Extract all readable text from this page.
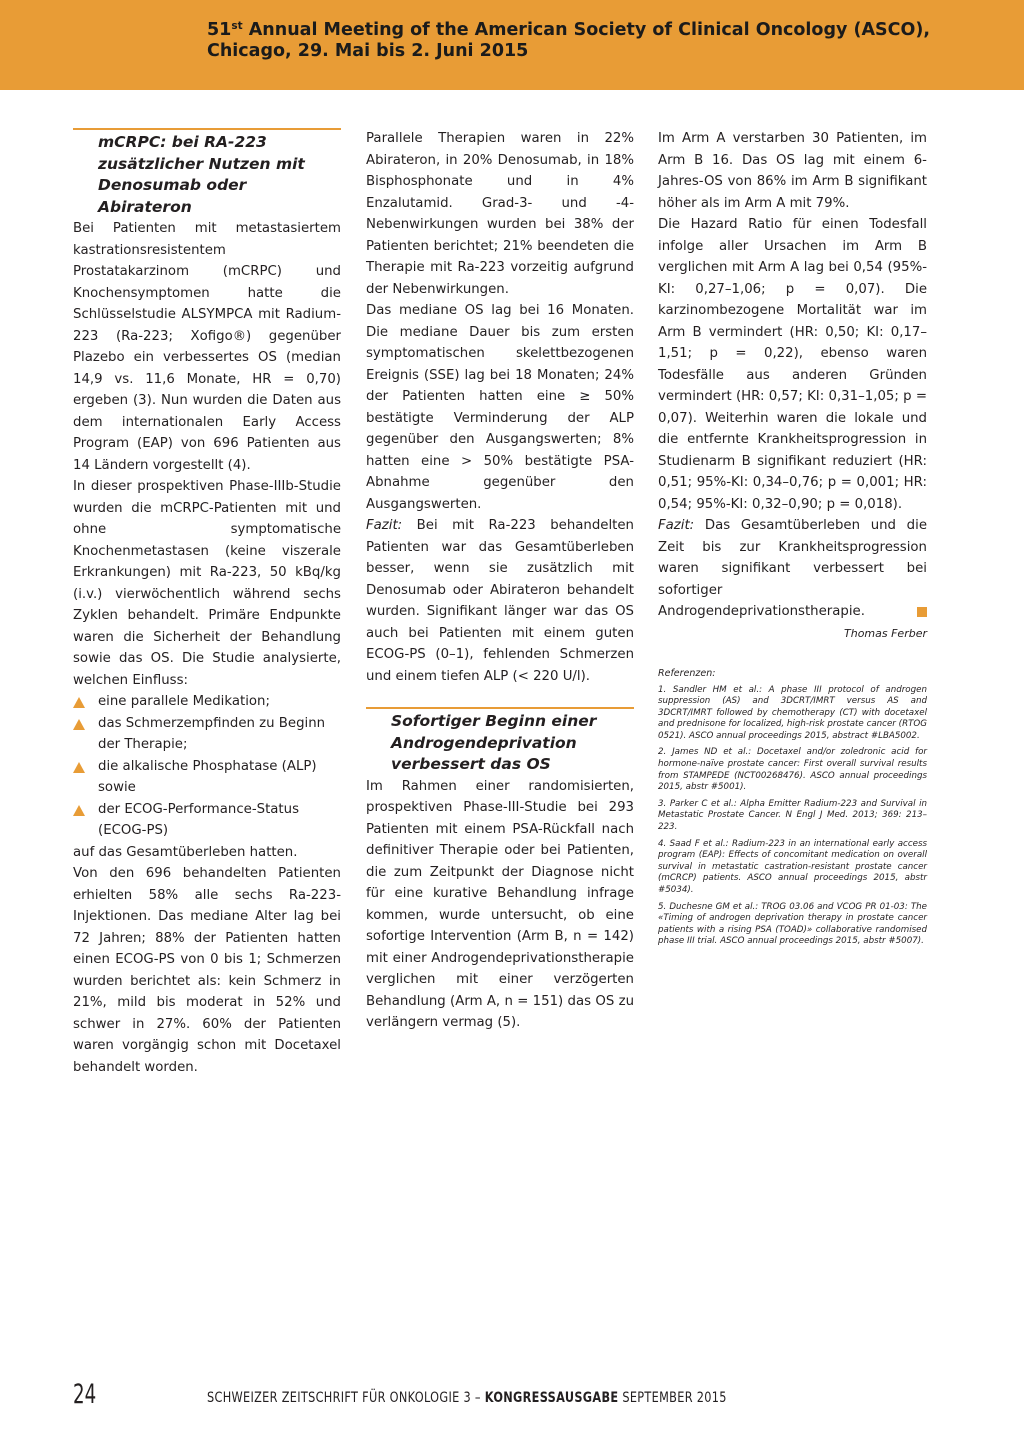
51st Annual Meeting of the American Society of Clinical Oncology (ASCO),
Chicago, 29. Mai bis 2. Juni 2015
mCRPC: bei RA-223 zusätzlicher Nutzen mit Denosumab oder Abirateron

Bei Patienten mit metastasiertem kastrationsresistentem Prostatakarzinom (mCRPC) und Knochensymptomen hatte die Schlüsselstudie ALSYMPCA mit Radium-223 (Ra-223; Xofigo®) gegenüber Plazebo ein verbessertes OS (median 14,9 vs. 11,6 Monate, HR = 0,70) ergeben (3). Nun wurden die Daten aus dem internationalen Early Access Program (EAP) von 696 Patienten aus 14 Ländern vorgestellt (4).

In dieser prospektiven Phase-IIIb-Studie wurden die mCRPC-Patienten mit und ohne symptomatische Knochenmetastasen (keine viszerale Erkrankungen) mit Ra-223, 50 kBq/kg (i.v.) vierwöchentlich während sechs Zyklen behandelt. Primäre Endpunkte waren die Sicherheit der Behandlung sowie das OS. Die Studie analysierte, welchen Einfluss:

eine parallele Medikation;
das Schmerzempfinden zu Beginn der Therapie;
die alkalische Phosphatase (ALP) sowie
der ECOG-Performance-Status (ECOG-PS)

auf das Gesamtüberleben hatten.

Von den 696 behandelten Patienten erhielten 58% alle sechs Ra-223-Injektionen. Das mediane Alter lag bei 72 Jahren; 88% der Patienten hatten einen ECOG-PS von 0 bis 1; Schmerzen wurden berichtet als: kein Schmerz in 21%, mild bis moderat in 52% und schwer in 27%. 60% der Patienten waren vorgängig schon mit Docetaxel behandelt worden.

Parallele Therapien waren in 22% Abirateron, in 20% Denosumab, in 18% Bisphosphonate und in 4% Enzalutamid. Grad-3- und -4-Nebenwirkungen wurden bei 38% der Patienten berichtet; 21% beendeten die Therapie mit Ra-223 vorzeitig aufgrund der Nebenwirkungen.

Das mediane OS lag bei 16 Monaten. Die mediane Dauer bis zum ersten symptomatischen skelettbezogenen Ereignis (SSE) lag bei 18 Monaten; 24% der Patienten hatten eine ≥ 50% bestätigte Verminderung der ALP gegenüber den Ausgangswerten; 8% hatten eine > 50% bestätigte PSA-Abnahme gegenüber den Ausgangswerten.

Fazit: Bei mit Ra-223 behandelten Patienten war das Gesamtüberleben besser, wenn sie zusätzlich mit Denosumab oder Abirateron behandelt wurden. Signifikant länger war das OS auch bei Patienten mit einem guten ECOG-PS (0–1), fehlenden Schmerzen und einem tiefen ALP (< 220 U/l).

Sofortiger Beginn einer Androgendeprivation verbessert das OS

Im Rahmen einer randomisierten, prospektiven Phase-III-Studie bei 293 Patienten mit einem PSA-Rückfall nach definitiver Therapie oder bei Patienten, die zum Zeitpunkt der Diagnose nicht für eine kurative Behandlung infrage kommen, wurde untersucht, ob eine sofortige Intervention (Arm B, n = 142) mit einer Androgendeprivationstherapie verglichen mit einer verzögerten Behandlung (Arm A, n = 151) das OS zu verlängern vermag (5).

Im Arm A verstarben 30 Patienten, im Arm B 16. Das OS lag mit einem 6-Jahres-OS von 86% im Arm B signifikant höher als im Arm A mit 79%.

Die Hazard Ratio für einen Todesfall infolge aller Ursachen im Arm B verglichen mit Arm A lag bei 0,54 (95%-KI: 0,27–1,06; p = 0,07). Die karzinombezogene Mortalität war im Arm B vermindert (HR: 0,50; KI: 0,17–1,51; p = 0,22), ebenso waren Todesfälle aus anderen Gründen vermindert (HR: 0,57; KI: 0,31–1,05; p = 0,07). Weiterhin waren die lokale und die entfernte Krankheitsprogression in Studienarm B signifikant reduziert (HR: 0,51; 95%-KI: 0,34–0,76; p = 0,001; HR: 0,54; 95%-KI: 0,32–0,90; p = 0,018).

Fazit: Das Gesamtüberleben und die Zeit bis zur Krankheitsprogression waren signifikant verbessert bei sofortiger Androgendeprivationstherapie.

Thomas Ferber

Referenzen:

1. Sandler HM et al.: A phase III protocol of androgen suppression (AS) and 3DCRT/IMRT versus AS and 3DCRT/IMRT followed by chemotherapy (CT) with docetaxel and prednisone for localized, high-risk prostate cancer (RTOG 0521). ASCO annual proceedings 2015, abstract #LBA5002.

2. James ND et al.: Docetaxel and/or zoledronic acid for hormone-naïve prostate cancer: First overall survival results from STAMPEDE (NCT00268476). ASCO annual proceedings 2015, abstr #5001).

3. Parker C et al.: Alpha Emitter Radium-223 and Survival in Metastatic Prostate Cancer. N Engl J Med. 2013; 369: 213–223.

4. Saad F et al.: Radium-223 in an international early access program (EAP): Effects of concomitant medication on overall survival in metastatic castration-resistant prostate cancer (mCRCP) patients. ASCO annual proceedings 2015, abstr #5034).

5. Duchesne GM et al.: TROG 03.06 and VCOG PR 01-03: The «Timing of androgen deprivation therapy in prostate cancer patients with a rising PSA (TOAD)» collaborative randomised phase III trial. ASCO annual proceedings 2015, abstr #5007).

24	SCHWEIZER ZEITSCHRIFT FÜR ONKOLOGIE 3 – KONGRESSAUSGABE SEPTEMBER 2015
